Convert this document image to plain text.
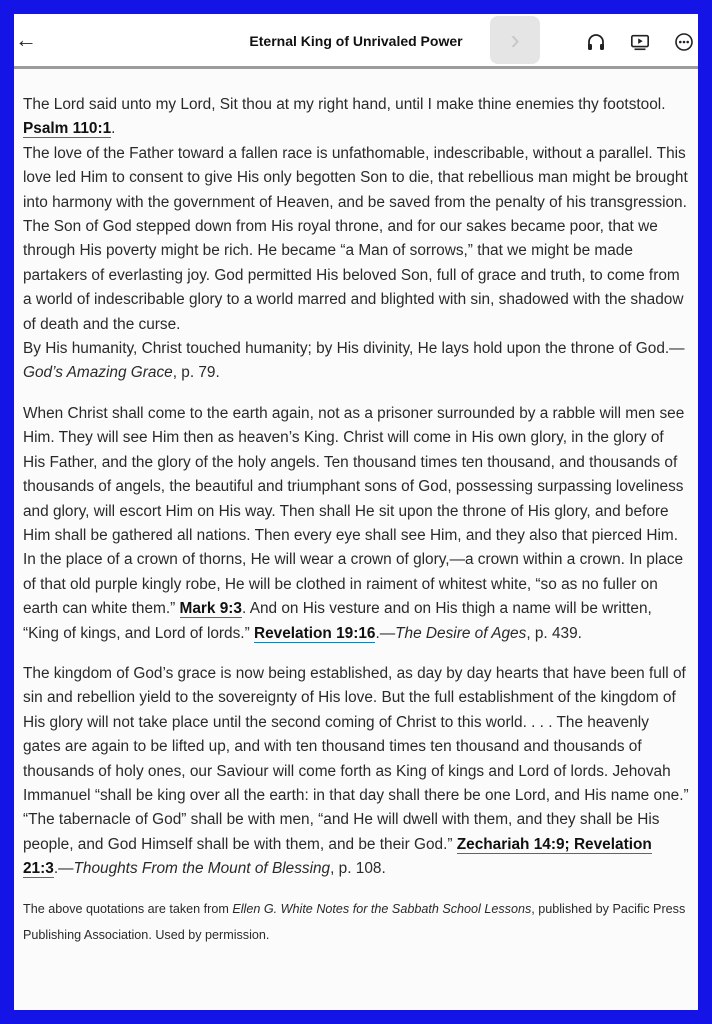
←	Eternal King of Unrivaled Power	›

The Lord said unto my Lord, Sit thou at my right hand, until I make thine enemies thy footstool. Psalm 110:1.
The love of the Father toward a fallen race is unfathomable, indescribable, without a parallel. This love led Him to consent to give His only begotten Son to die, that rebellious man might be brought into harmony with the government of Heaven, and be saved from the penalty of his transgression. The Son of God stepped down from His royal throne, and for our sakes became poor, that we through His poverty might be rich. He became “a Man of sorrows,” that we might be made partakers of everlasting joy. God permitted His beloved Son, full of grace and truth, to come from a world of indescribable glory to a world marred and blighted with sin, shadowed with the shadow of death and the curse.
By His humanity, Christ touched humanity; by His divinity, He lays hold upon the throne of God.—God’s Amazing Grace, p. 79.

When Christ shall come to the earth again, not as a prisoner surrounded by a rabble will men see Him. They will see Him then as heaven’s King. Christ will come in His own glory, in the glory of His Father, and the glory of the holy angels. Ten thousand times ten thousand, and thousands of thousands of angels, the beautiful and triumphant sons of God, possessing surpassing loveliness and glory, will escort Him on His way. Then shall He sit upon the throne of His glory, and before Him shall be gathered all nations. Then every eye shall see Him, and they also that pierced Him. In the place of a crown of thorns, He will wear a crown of glory,—a crown within a crown. In place of that old purple kingly robe, He will be clothed in raiment of whitest white, “so as no fuller on earth can white them.” Mark 9:3. And on His vesture and on His thigh a name will be written, “King of kings, and Lord of lords.” Revelation 19:16.—The Desire of Ages, p. 439.

The kingdom of God’s grace is now being established, as day by day hearts that have been full of sin and rebellion yield to the sovereignty of His love. But the full establishment of the kingdom of His glory will not take place until the second coming of Christ to this world. . . . The heavenly gates are again to be lifted up, and with ten thousand times ten thousand and thousands of thousands of holy ones, our Saviour will come forth as King of kings and Lord of lords. Jehovah Immanuel “shall be king over all the earth: in that day shall there be one Lord, and His name one.” “The tabernacle of God” shall be with men, “and He will dwell with them, and they shall be His people, and God Himself shall be with them, and be their God.” Zechariah 14:9; Revelation 21:3.—Thoughts From the Mount of Blessing, p. 108.

The above quotations are taken from Ellen G. White Notes for the Sabbath School Lessons, published by Pacific Press Publishing Association. Used by permission.
